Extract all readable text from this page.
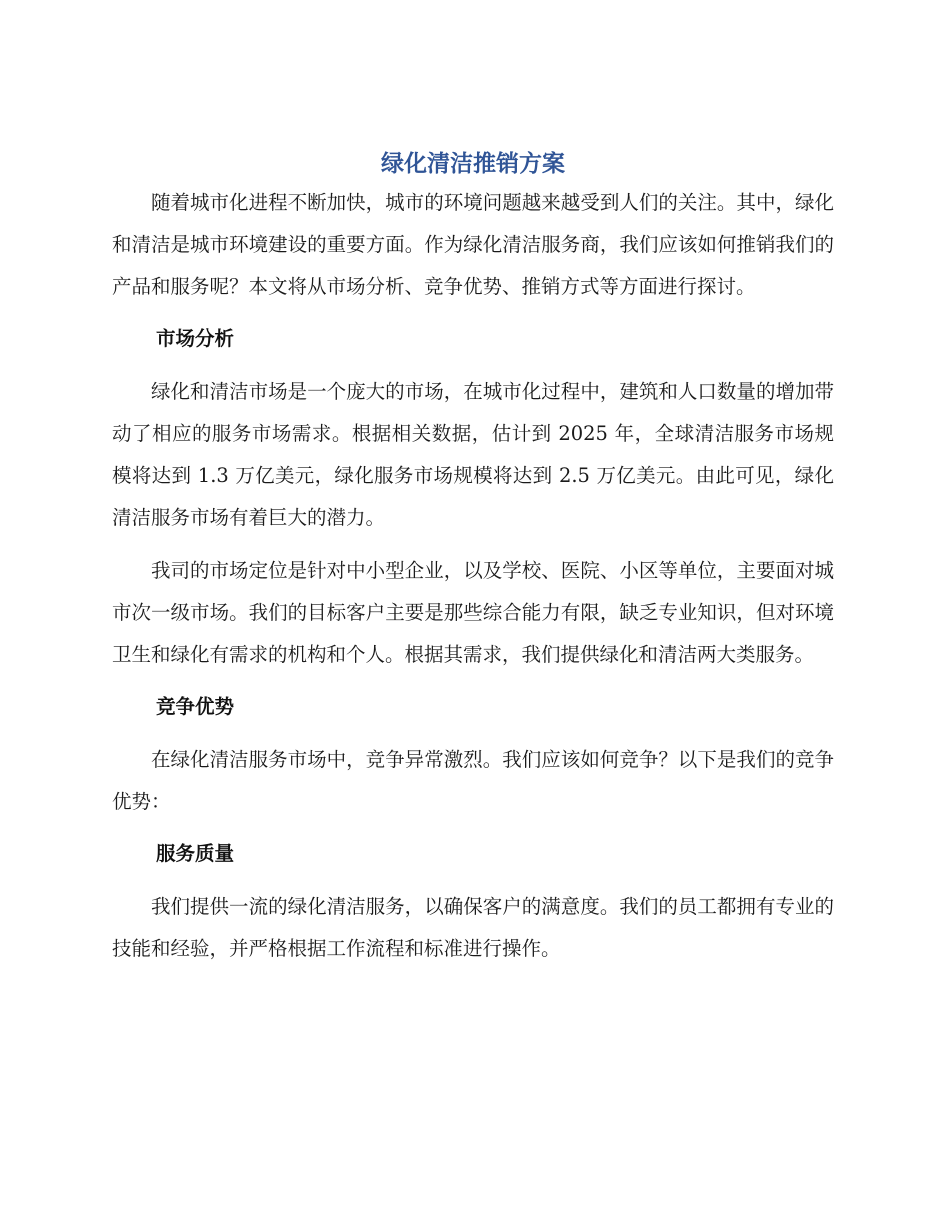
绿化清洁推销方案

随着城市化进程不断加快，城市的环境问题越来越受到人们的关注。其中，绿化和清洁是城市环境建设的重要方面。作为绿化清洁服务商，我们应该如何推销我们的产品和服务呢？本文将从市场分析、竞争优势、推销方式等方面进行探讨。

市场分析

绿化和清洁市场是一个庞大的市场，在城市化过程中，建筑和人口数量的增加带动了相应的服务市场需求。根据相关数据，估计到 2025 年，全球清洁服务市场规模将达到 1.3 万亿美元，绿化服务市场规模将达到 2.5 万亿美元。由此可见，绿化清洁服务市场有着巨大的潜力。

我司的市场定位是针对中小型企业，以及学校、医院、小区等单位，主要面对城市次一级市场。我们的目标客户主要是那些综合能力有限，缺乏专业知识，但对环境卫生和绿化有需求的机构和个人。根据其需求，我们提供绿化和清洁两大类服务。

竞争优势

在绿化清洁服务市场中，竞争异常激烈。我们应该如何竞争？以下是我们的竞争优势：

服务质量

我们提供一流的绿化清洁服务，以确保客户的满意度。我们的员工都拥有专业的技能和经验，并严格根据工作流程和标准进行操作。
